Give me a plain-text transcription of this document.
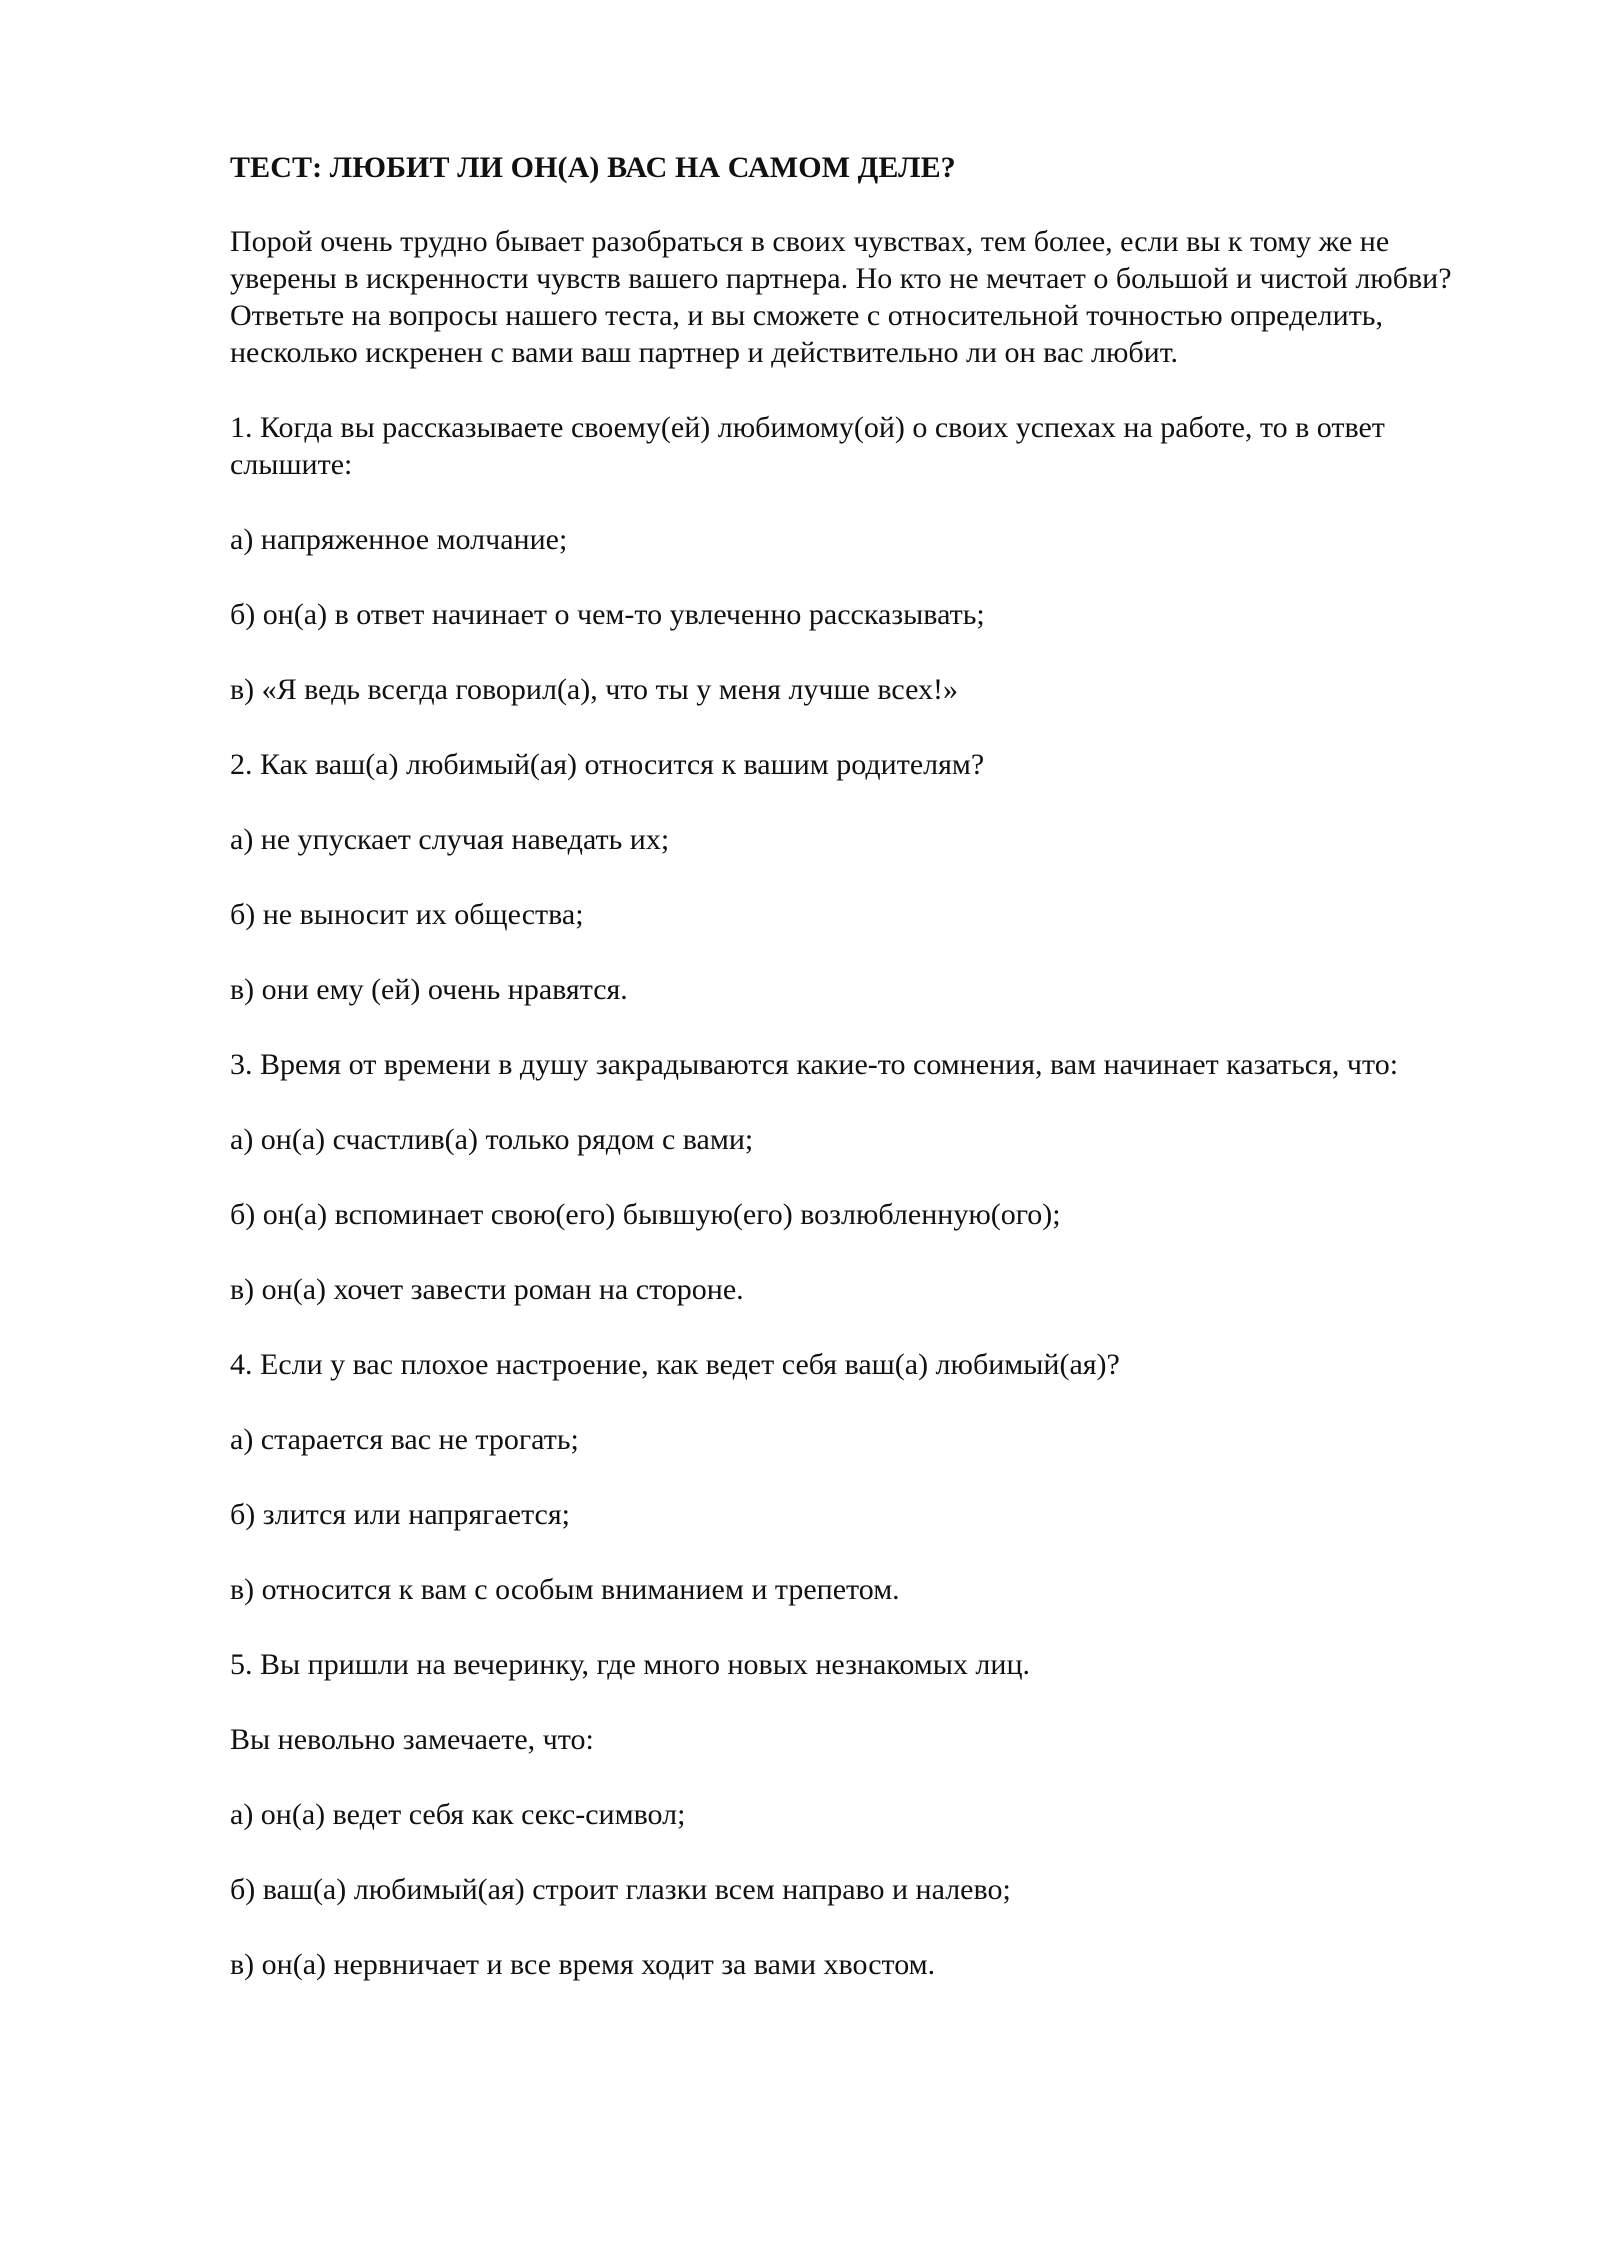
ТЕСТ: ЛЮБИТ ЛИ ОН(А) ВАС НА САМОМ ДЕЛЕ?

Порой очень трудно бывает разобраться в своих чувствах, тем более, если вы к тому же не уверены в искренности чувств вашего партнера. Но кто не мечтает о большой и чистой любви? Ответьте на вопросы нашего теста, и вы сможете с относительной точностью определить, несколько искренен с вами ваш партнер и действительно ли он вас любит.

1. Когда вы рассказываете своему(ей) любимому(ой) о своих успехах на работе, то в ответ слышите:

а) напряженное молчание;

б) он(а) в ответ начинает о чем-то увлеченно рассказывать;

в) «Я ведь всегда говорил(а), что ты у меня лучше всех!»

2. Как ваш(а) любимый(ая) относится к вашим родителям?

а) не упускает случая наведать их;

б) не выносит их общества;

в) они ему (ей) очень нравятся.

3. Время от времени в душу закрадываются какие-то сомнения, вам начинает казаться, что:

а) он(а) счастлив(а) только рядом с вами;

б) он(а) вспоминает свою(его) бывшую(его) возлюбленную(ого);

в) он(а) хочет завести роман на стороне.

4. Если у вас плохое настроение, как ведет себя ваш(а) любимый(ая)?

а) старается вас не трогать;

б) злится или напрягается;

в) относится к вам с особым вниманием и трепетом.

5. Вы пришли на вечеринку, где много новых незнакомых лиц.

Вы невольно замечаете, что:

а) он(а) ведет себя как секс-символ;

б) ваш(а) любимый(ая) строит глазки всем направо и налево;

в) он(а) нервничает и все время ходит за вами хвостом.
